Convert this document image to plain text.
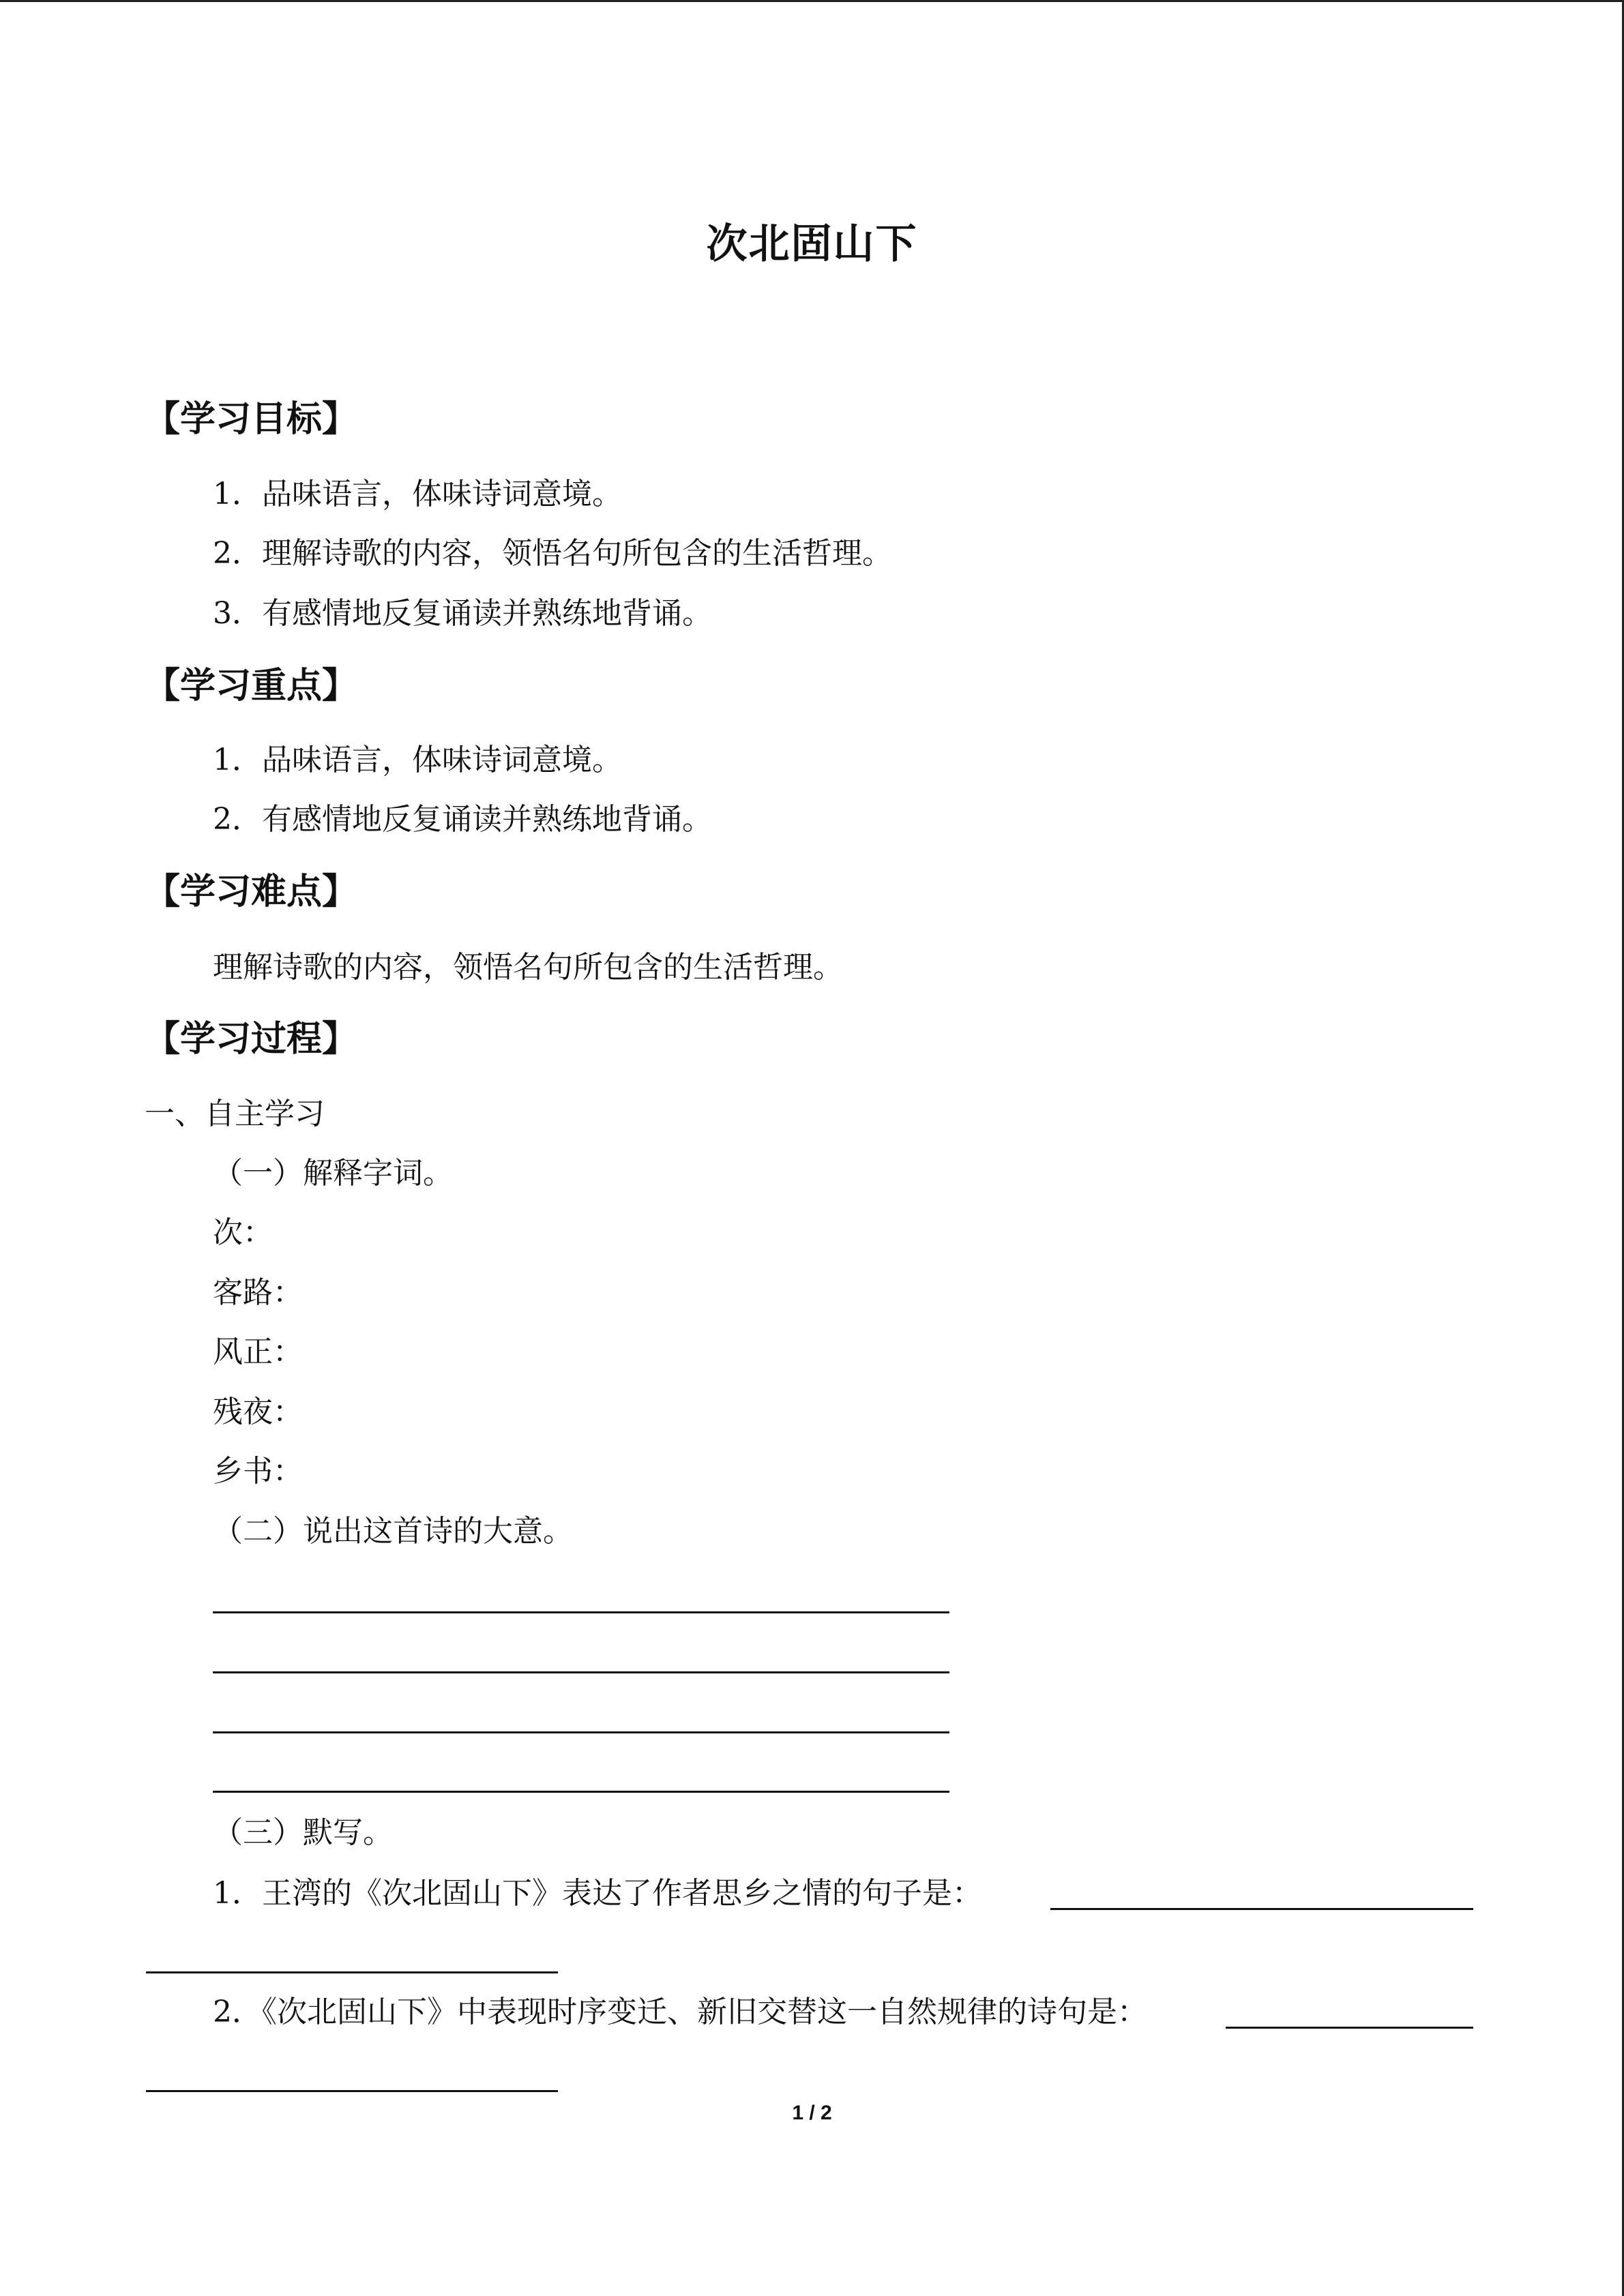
次北固山下
【学习目标】
1．品味语言，体味诗词意境。
2．理解诗歌的内容，领悟名句所包含的生活哲理。
3．有感情地反复诵读并熟练地背诵。
【学习重点】
1．品味语言，体味诗词意境。
2．有感情地反复诵读并熟练地背诵。
【学习难点】
理解诗歌的内容，领悟名句所包含的生活哲理。
【学习过程】
一、自主学习
（一）解释字词。
次：
客路：
风正：
残夜：
乡书：
（二）说出这首诗的大意。
（三）默写。
1．王湾的《次北固山下》表达了作者思乡之情的句子是：
2．《次北固山下》中表现时序变迁、新旧交替这一自然规律的诗句是：
1 / 2
